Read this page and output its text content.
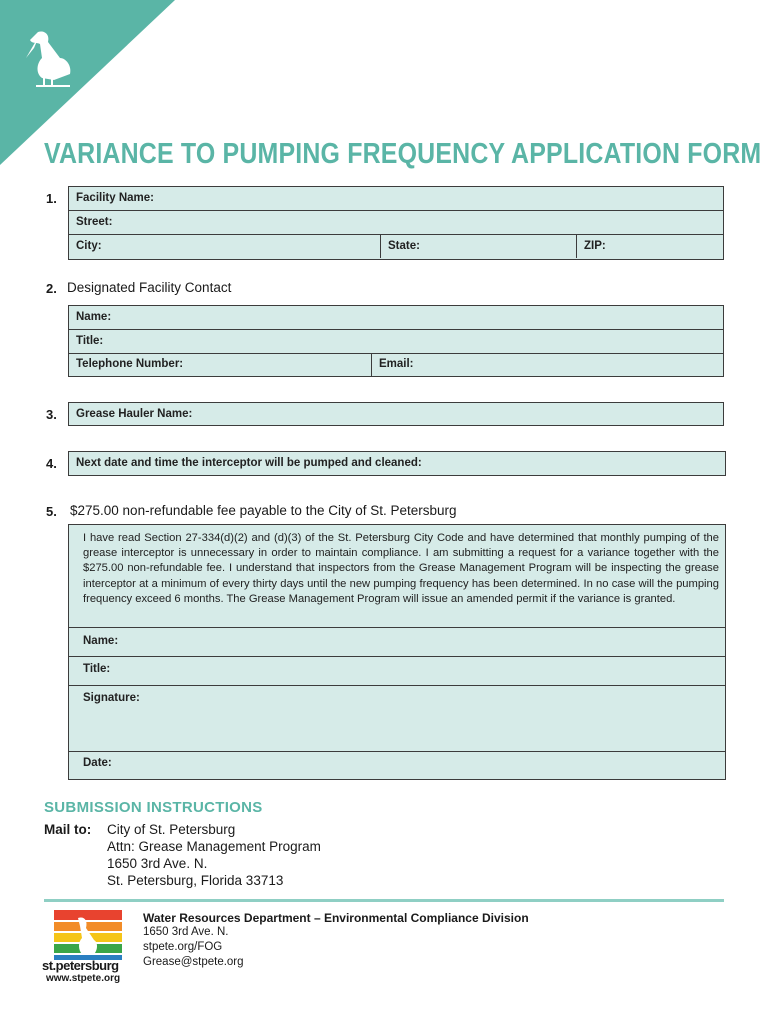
VARIANCE TO PUMPING FREQUENCY APPLICATION FORM
1. Facility Name:
Street:
City:	State:	ZIP:
2. Designated Facility Contact
Name:
Title:
Telephone Number:	Email:
3. Grease Hauler Name:
4. Next date and time the interceptor will be pumped and cleaned:
5. $275.00 non-refundable fee payable to the City of St. Petersburg
I have read Section 27-334(d)(2) and (d)(3) of the St. Petersburg City Code and have determined that monthly pumping of the grease interceptor is unnecessary in order to maintain compliance. I am submitting a request for a variance together with the $275.00 non-refundable fee. I understand that inspectors from the Grease Management Program will be inspecting the grease interceptor at a minimum of every thirty days until the new pumping frequency has been determined. In no case will the pumping frequency exceed 6 months. The Grease Management Program will issue an amended permit if the variance is granted.
Name:
Title:
Signature:
Date:
SUBMISSION INSTRUCTIONS
Mail to: City of St. Petersburg
Attn: Grease Management Program
1650 3rd Ave. N.
St. Petersburg, Florida 33713
st.petersburg
www.stpete.org
Water Resources Department – Environmental Compliance Division
1650 3rd Ave. N.
stpete.org/FOG
Grease@stpete.org
